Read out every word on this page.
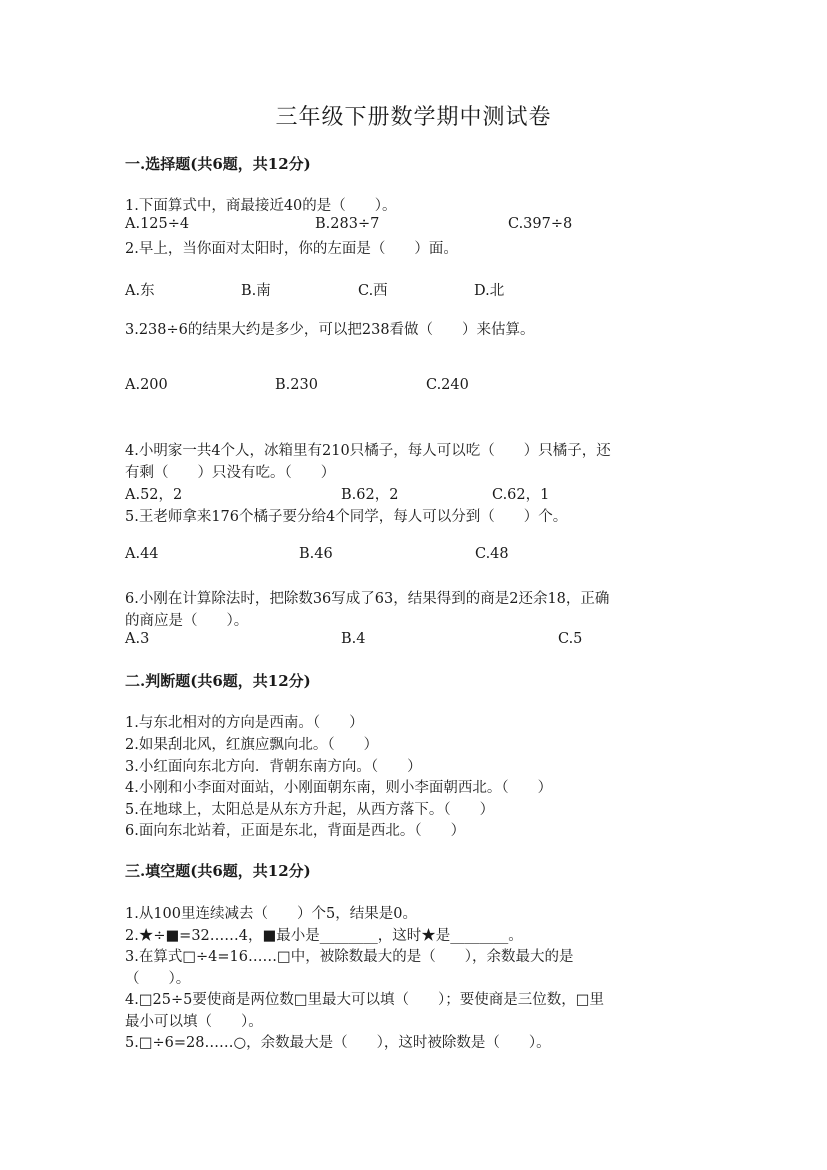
三年级下册数学期中测试卷
一.选择题(共6题，共12分)
1.下面算式中，商最接近40的是（　　）。
A.125÷4	B.283÷7	C.397÷8
2.早上，当你面对太阳时，你的左面是（　　）面。
A.东	B.南	C.西	D.北
3.238÷6的结果大约是多少，可以把238看做（　　）来估算。
A.200	B.230	C.240
4.小明家一共4个人，冰箱里有210只橘子，每人可以吃（　　）只橘子，还
有剩（　　）只没有吃。（　　）
A.52，2	B.62，2	C.62，1
5.王老师拿来176个橘子要分给4个同学，每人可以分到（　　）个。
A.44	B.46	C.48
6.小刚在计算除法时，把除数36写成了63，结果得到的商是2还余18，正确
的商应是（　　）。
A.3	B.4	C.5
二.判断题(共6题，共12分)
1.与东北相对的方向是西南。（　　）
2.如果刮北风，红旗应飘向北。（　　）
3.小红面向东北方向．背朝东南方向。（　　）
4.小刚和小李面对面站，小刚面朝东南，则小李面朝西北。（　　）
5.在地球上，太阳总是从东方升起，从西方落下。（　　）
6.面向东北站着，正面是东北，背面是西北。（　　）
三.填空题(共6题，共12分)
1.从100里连续减去（　　）个5，结果是0。
2.★÷■=32……4，■最小是________，这时★是________。
3.在算式□÷4=16……□中，被除数最大的是（　　），余数最大的是
（　　）。
4.□25÷5要使商是两位数□里最大可以填（　　）；要使商是三位数，□里
最小可以填（　　）。
5.□÷6=28……○，余数最大是（　　），这时被除数是（　　）。
